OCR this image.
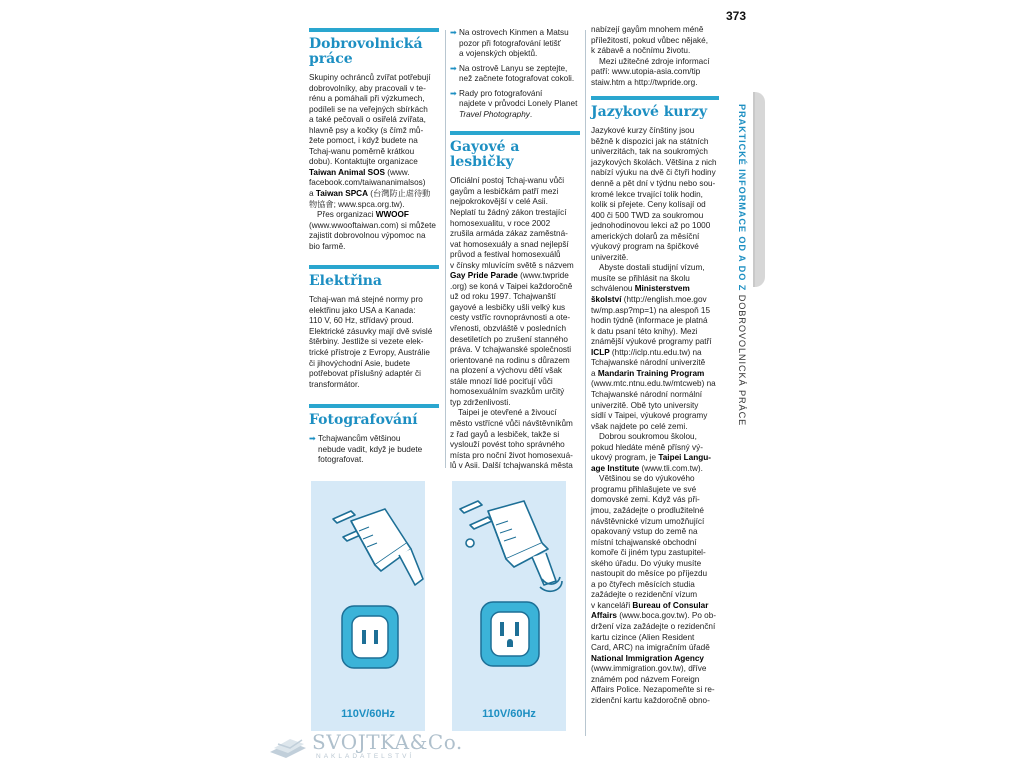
373
Dobrovolnická práce

Skupiny ochránců zvířat potřebují

dobrovolníky, aby pracovali v te-

rénu a pomáhali při výzkumech,

podíleli se na veřejných sbírkách

a také pečovali o osiřelá zvířata,

hlavně psy a kočky (s čímž mů-

žete pomoct, i když budete na

Tchaj-wanu poměrně krátkou

dobu). Kontaktujte organizace

Taiwan Animal SOS (www.

facebook.com/taiwananimalsos)

a Taiwan SPCA (台灣防止虐待動

物協會; www.spca.org.tw).

Přes organizaci WWOOF

(www.wwooftaiwan.com) si můžete

zajistit dobrovolnou výpomoc na

bio farmě.

Elektřina

Tchaj-wan má stejné normy pro

elektřinu jako USA a Kanada:

110 V, 60 Hz, střídavý proud.

Elektrické zásuvky mají dvě svislé

štěrbiny. Jestliže si vezete elek-

trické přístroje z Evropy, Austrálie

či jihovýchodní Asie, budete

potřebovat příslušný adaptér či

transformátor.

Fotografování
➡ Tchajwancům většinou

nebude vadit, když je budete

fotografovat.

➡ Na ostrovech Kinmen a Matsu

pozor při fotografování letišť

a vojenských objektů.

➡ Na ostrově Lanyu se zeptejte,

než začnete fotografovat cokoli.

➡ Rady pro fotografování

najdete v průvodci Lonely Planet

Travel Photography.

Gayové a lesbičky

Oficiální postoj Tchaj-wanu vůči

gayům a lesbičkám patří mezi

nejpokrokovější v celé Asii.

Neplatí tu žádný zákon trestající

homosexualitu, v roce 2002

zrušila armáda zákaz zaměstná-

vat homosexuály a snad nejlepší

průvod a festival homosexuálů

v čínsky mluvícím světě s názvem

Gay Pride Parade (www.twpride

.org) se koná v Taipei každoročně

už od roku 1997. Tchajwanští

gayové a lesbičky ušli velký kus

cesty vstříc rovnoprávnosti a ote-

vřenosti, obzvláště v posledních

desetiletích po zrušení stanného

práva. V tchajwanské společnosti

orientované na rodinu s důrazem

na plození a výchovu dětí však

stále mnozí lidé pociťují vůči

homosexuálním svazkům určitý

typ zdrženlivosti.

Taipei je otevřené a živoucí

město vstřícné vůči návštěvníkům

z řad gayů a lesbiček, takže si

vyslouží povést toho správného

místa pro noční život homosexuá-

lů v Asii. Další tchajwanská města

nabízejí gayům mnohem méně

příležitostí, pokud vůbec nějaké,

k zábavě a nočnímu životu.

Mezi užitečné zdroje informací

patří: www.utopia-asia.com/tip

staiw.htm a http://twpride.org.

Jazykové kurzy

Jazykové kurzy čínštiny jsou

běžně k dispozici jak na státních

univerzitách, tak na soukromých

jazykových školách. Většina z nich

nabízí výuku na dvě či čtyři hodiny

denně a pět dní v týdnu nebo sou-

kromé lekce trvající tolik hodin,

kolik si přejete. Ceny kolísají od

400 či 500 TWD za soukromou

jednohodinovou lekci až po 1000

amerických dolarů za měsíční

výukový program na špičkové

univerzitě.

Abyste dostali studijní vízum,

musíte se přihlásit na školu

schválenou Ministerstvem

školství (http://english.moe.gov

tw/mp.asp?mp=1) na alespoň 15

hodin týdně (informace je platná

k datu psaní této knihy). Mezi

známější výukové programy patří

ICLP (http://iclp.ntu.edu.tw) na

Tchajwanské národní univerzitě

a Mandarin Training Program

(www.mtc.ntnu.edu.tw/mtcweb) na

Tchajwanské národní normální

univerzitě. Obě tyto university

sídlí v Taipei, výukové programy

však najdete po celé zemi.

Dobrou soukromou školou,

pokud hledáte méně přísný vý-

ukový program, je Taipei Langu-

age Institute (www.tli.com.tw).

Většinou se do výukového

programu přihlašujete ve své

domovské zemi. Když vás při-

jmou, zažádejte o prodlužitelné

návštěvnické vízum umožňující

opakovaný vstup do země na

místní tchajwanské obchodní

komoře či jiném typu zastupitel-

ského úřadu. Do výuky musíte

nastoupit do měsíce po příjezdu

a po čtyřech měsících studia

zažádejte o rezidenční vízum

v kanceláři Bureau of Consular

Affairs (www.boca.gov.tw). Po ob-

držení víza zažádejte o rezidenční

kartu cizince (Alien Resident

Card, ARC) na imigračním úřadě

National Immigration Agency

(www.immigration.gov.tw), dříve

známém pod názvem Foreign

Affairs Police. Nezapomeňte si re-

zidenční kartu každoročně obno-

110V/60Hz	110V/60Hz
PRAKTICKÉ INFORMACE OD A DO Z DOBROVOLNICKÁ PRÁCE
SVOJTKA&Co.
NAKLADATELSTVÍ
